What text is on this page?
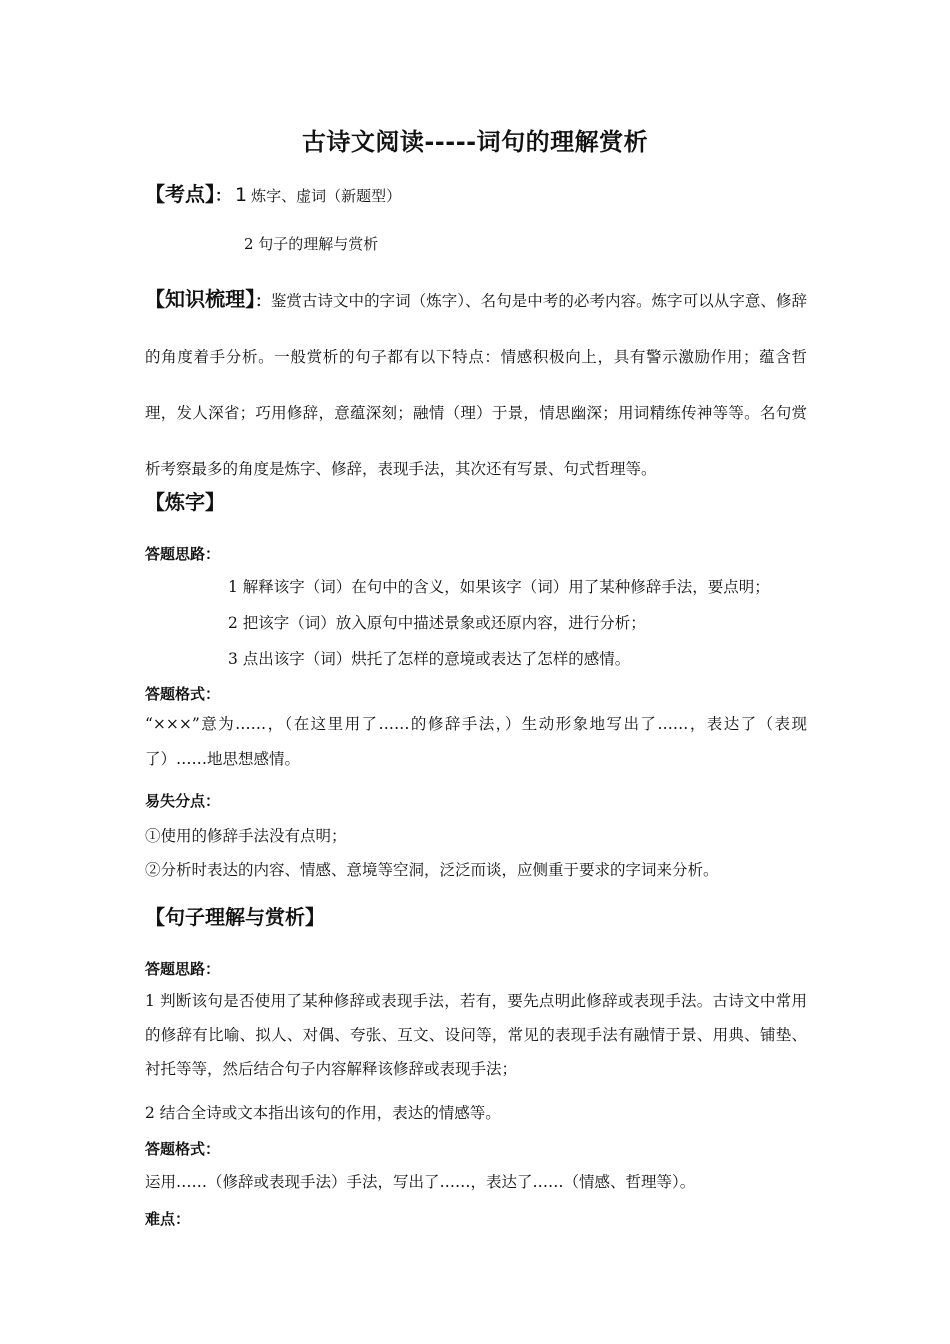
古诗文阅读-----词句的理解赏析
【考点】： 1 炼字、虚词（新题型）
2 句子的理解与赏析
【知识梳理】：鉴赏古诗文中的字词（炼字）、名句是中考的必考内容。炼字可以从字意、修辞的角度着手分析。一般赏析的句子都有以下特点：情感积极向上，具有警示激励作用；蕴含哲理，发人深省；巧用修辞，意蕴深刻；融情（理）于景，情思幽深；用词精练传神等等。名句赏析考察最多的角度是炼字、修辞，表现手法，其次还有写景、句式哲理等。
【炼字】
答题思路：
1 解释该字（词）在句中的含义，如果该字（词）用了某种修辞手法，要点明；
2 把该字（词）放入原句中描述景象或还原内容，进行分析；
3 点出该字（词）烘托了怎样的意境或表达了怎样的感情。
答题格式：
“×××”意为……，（在这里用了……的修辞手法，）生动形象地写出了……，表达了（表现了）……地思想感情。
易失分点：
①使用的修辞手法没有点明；
②分析时表达的内容、情感、意境等空洞，泛泛而谈，应侧重于要求的字词来分析。
【句子理解与赏析】
答题思路：
1 判断该句是否使用了某种修辞或表现手法，若有，要先点明此修辞或表现手法。古诗文中常用的修辞有比喻、拟人、对偶、夸张、互文、设问等，常见的表现手法有融情于景、用典、铺垫、衬托等等，然后结合句子内容解释该修辞或表现手法；
2 结合全诗或文本指出该句的作用，表达的情感等。
答题格式：
运用……（修辞或表现手法）手法，写出了……，表达了……（情感、哲理等）。
难点：
